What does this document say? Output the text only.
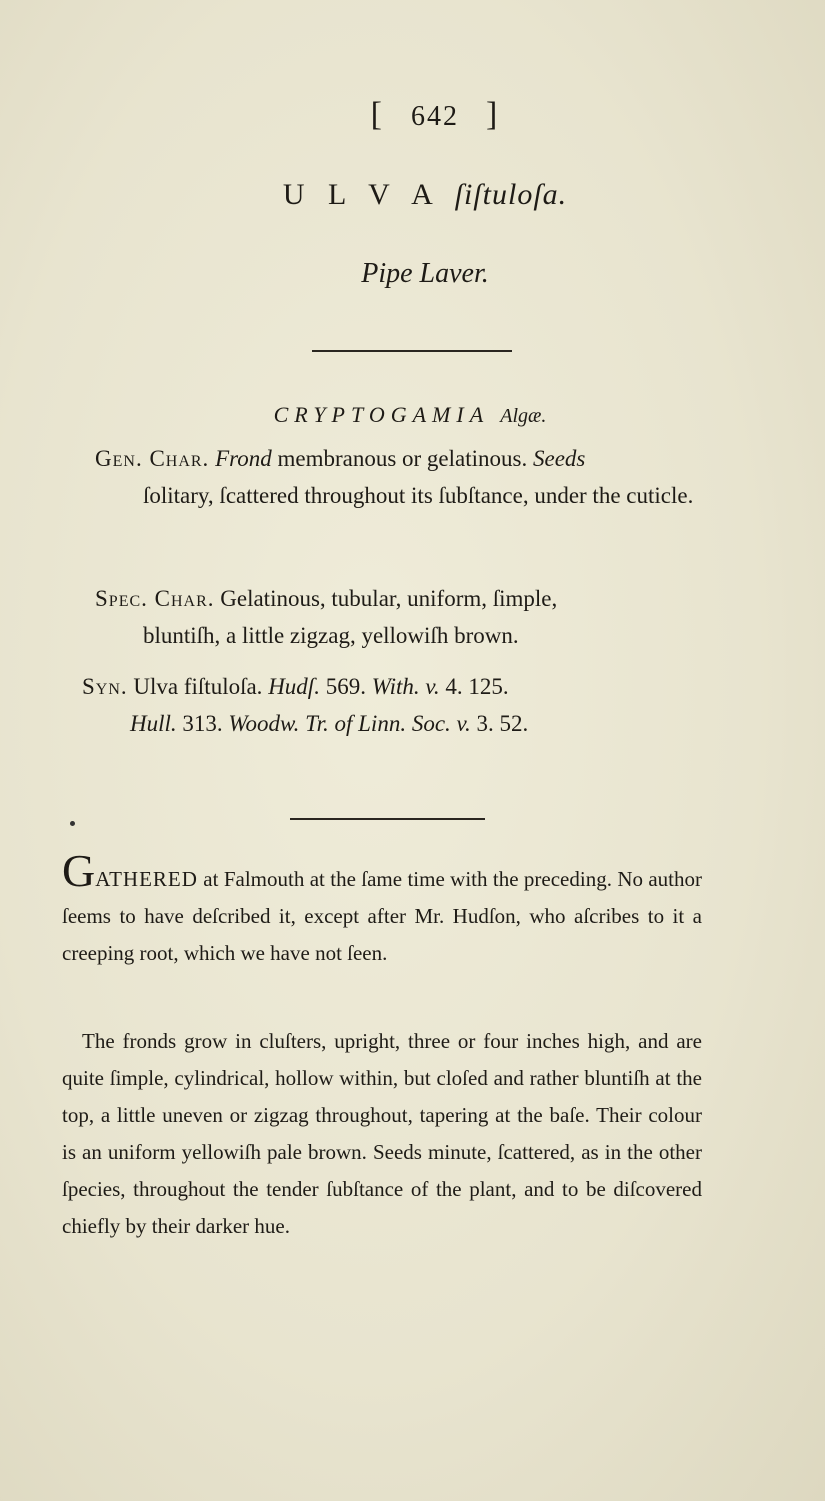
[ 642 ]
U L V A ſiſtuloſa.
Pipe Laver.
CRYPTOGAMIA Algæ.
Gen. Char. Frond membranous or gelatinous. Seeds
ſolitary, ſcattered throughout its ſubſtance, under the cuticle.
Spec. Char. Gelatinous, tubular, uniform, ſimple,
bluntiſh, a little zigzag, yellowiſh brown.
Syn. Ulva fiſtuloſa. Hudſ. 569. With. v. 4. 125.
Hull. 313. Woodw. Tr. of Linn. Soc. v. 3. 52.
GATHERED at Falmouth at the ſame time with the preceding. No author ſeems to have deſcribed it, except after Mr. Hudſon, who aſcribes to it a creeping root, which we have not ſeen.
The fronds grow in cluſters, upright, three or four inches high, and are quite ſimple, cylindrical, hollow within, but cloſed and rather bluntiſh at the top, a little uneven or zigzag throughout, tapering at the baſe. Their colour is an uniform yellowiſh pale brown. Seeds minute, ſcattered, as in the other ſpecies, throughout the tender ſubſtance of the plant, and to be diſcovered chiefly by their darker hue.
